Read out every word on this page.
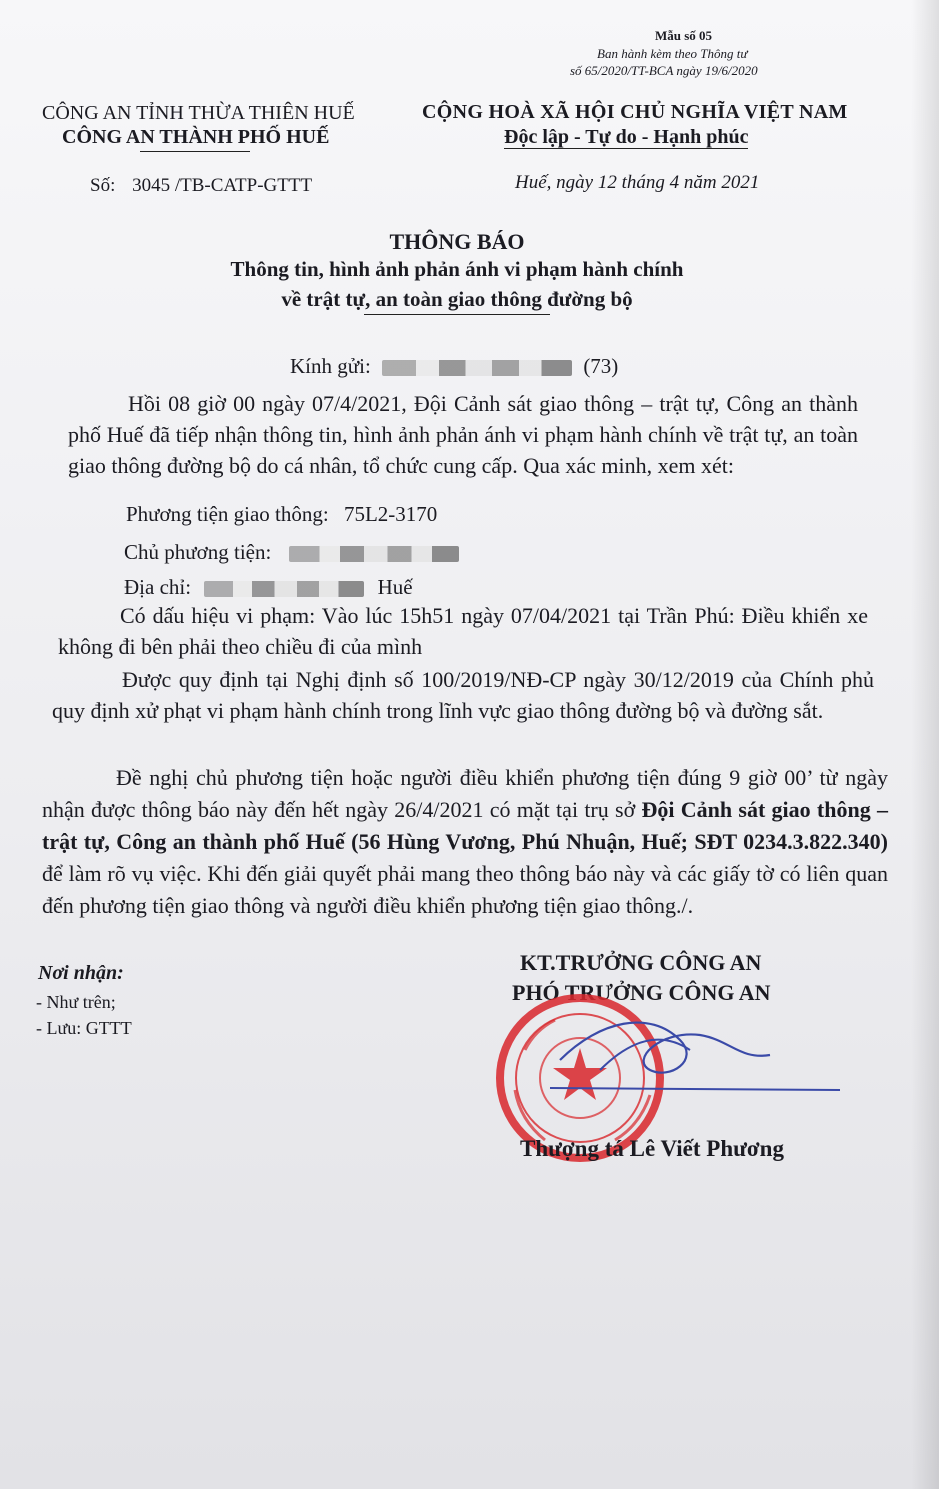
Mẫu số 05
Ban hành kèm theo Thông tư
số 65/2020/TT-BCA ngày 19/6/2020
CÔNG AN TỈNH THỪA THIÊN HUẾ
CÔNG AN THÀNH PHỐ HUẾ
Số: 3045 /TB-CATP-GTTT
CỘNG HOÀ XÃ HỘI CHỦ NGHĨA VIỆT NAM
Độc lập - Tự do - Hạnh phúc
Huế, ngày 12 tháng 4 năm 2021
THÔNG BÁO
Thông tin, hình ảnh phản ánh vi phạm hành chính
về trật tự, an toàn giao thông đường bộ
Kính gửi:	(73)
Hồi 08 giờ 00 ngày 07/4/2021, Đội Cảnh sát giao thông – trật tự, Công an thành phố Huế đã tiếp nhận thông tin, hình ảnh phản ánh vi phạm hành chính về trật tự, an toàn giao thông đường bộ do cá nhân, tổ chức cung cấp. Qua xác minh, xem xét:
Phương tiện giao thông: 75L2-3170
Chủ phương tiện:
Địa chỉ:	Huế
Có dấu hiệu vi phạm: Vào lúc 15h51 ngày 07/04/2021 tại Trần Phú: Điều khiển xe không đi bên phải theo chiều đi của mình
Được quy định tại Nghị định số 100/2019/NĐ-CP ngày 30/12/2019 của Chính phủ quy định xử phạt vi phạm hành chính trong lĩnh vực giao thông đường bộ và đường sắt.
Đề nghị chủ phương tiện hoặc người điều khiển phương tiện đúng 9 giờ 00’ từ ngày nhận được thông báo này đến hết ngày 26/4/2021 có mặt tại trụ sở Đội Cảnh sát giao thông – trật tự, Công an thành phố Huế (56 Hùng Vương, Phú Nhuận, Huế; SĐT 0234.3.822.340) để làm rõ vụ việc. Khi đến giải quyết phải mang theo thông báo này và các giấy tờ có liên quan đến phương tiện giao thông và người điều khiển phương tiện giao thông./.
Nơi nhận:
- Như trên;
- Lưu: GTTT
KT.TRƯỞNG CÔNG AN
PHÓ TRƯỞNG CÔNG AN
Thượng tá Lê Viết Phương
